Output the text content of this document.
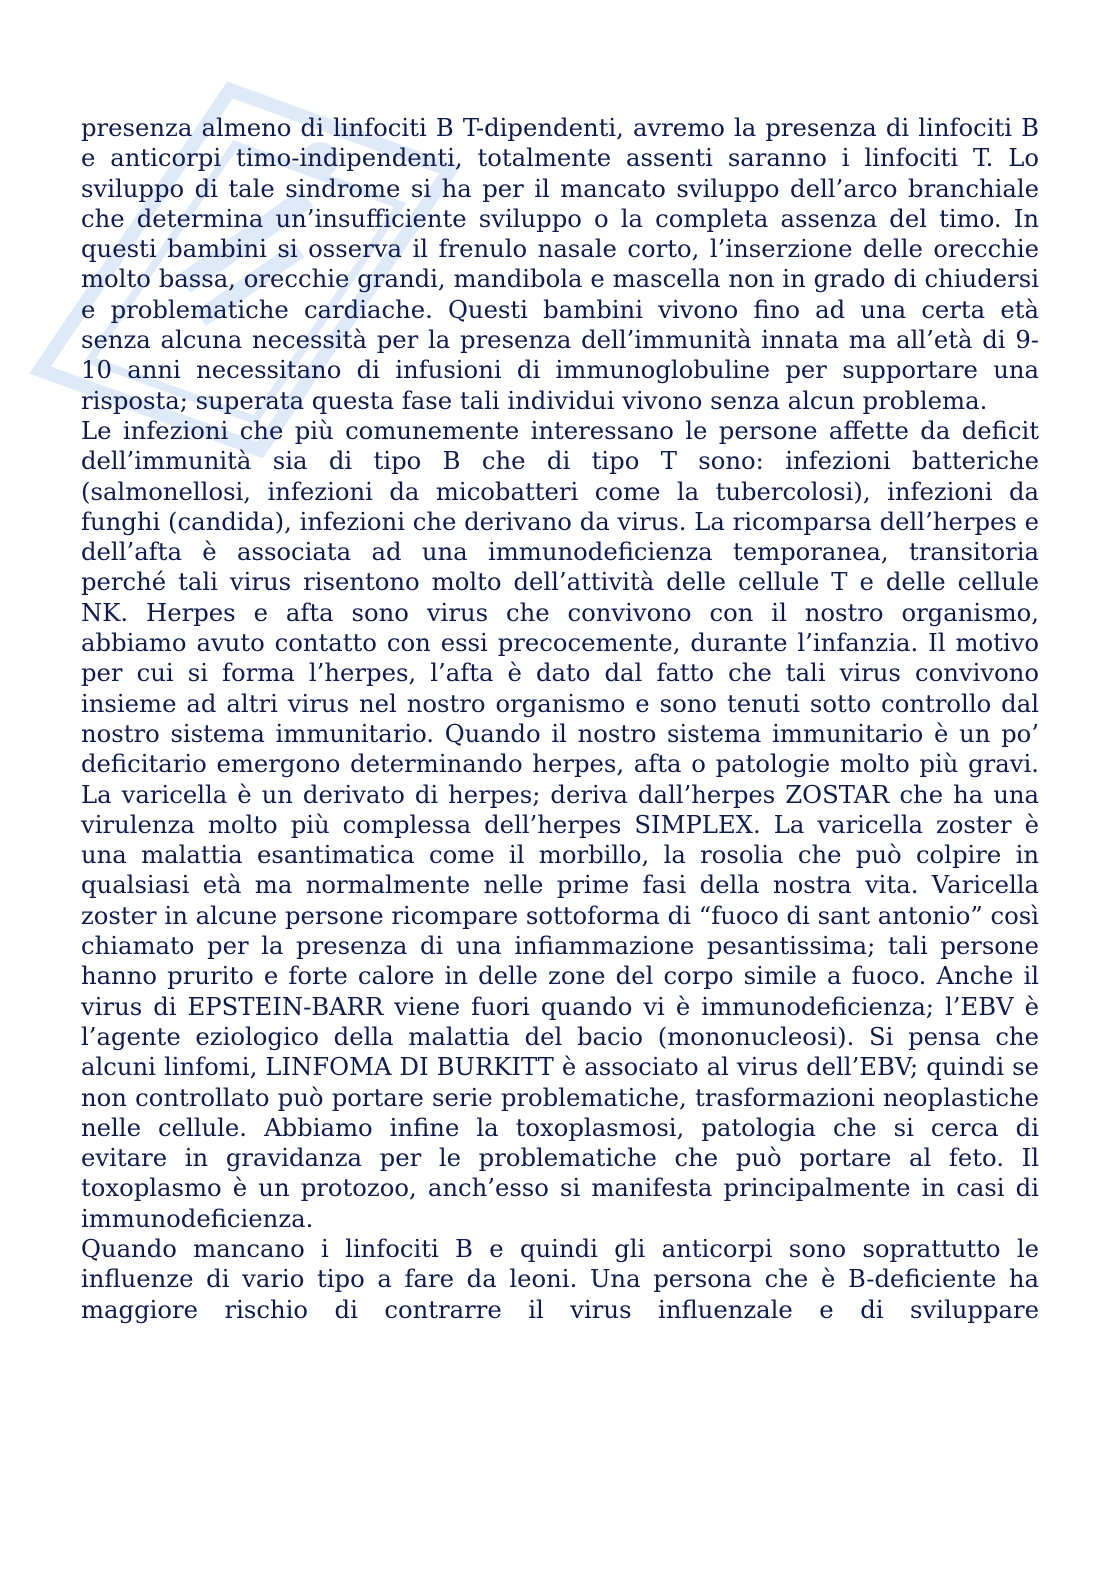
presenza almeno di linfociti B T-dipendenti, avremo la presenza di linfociti B e anticorpi timo-indipendenti, totalmente assenti saranno i linfociti T. Lo sviluppo di tale sindrome si ha per il mancato sviluppo dell’arco branchiale che determina un’insufficiente sviluppo o la completa assenza del timo. In questi bambini si osserva il frenulo nasale corto, l’inserzione delle orecchie molto bassa, orecchie grandi, mandibola e mascella non in grado di chiudersi e problematiche cardiache. Questi bambini vivono fino ad una certa età senza alcuna necessità per la presenza dell’immunità innata ma all’età di 9-10 anni necessitano di infusioni di immunoglobuline per supportare una risposta; superata questa fase tali individui vivono senza alcun problema.

Le infezioni che più comunemente interessano le persone affette da deficit dell’immunità sia di tipo B che di tipo T sono: infezioni batteriche (salmonellosi, infezioni da micobatteri come la tubercolosi), infezioni da funghi (candida), infezioni che derivano da virus. La ricomparsa dell’herpes e dell’afta è associata ad una immunodeficienza temporanea, transitoria perché tali virus risentono molto dell’attività delle cellule T e delle cellule NK. Herpes e afta sono virus che convivono con il nostro organismo, abbiamo avuto contatto con essi precocemente, durante l’infanzia. Il motivo per cui si forma l’herpes, l’afta è dato dal fatto che tali virus convivono insieme ad altri virus nel nostro organismo e sono tenuti sotto controllo dal nostro sistema immunitario. Quando il nostro sistema immunitario è un po’ deficitario emergono determinando herpes, afta o patologie molto più gravi. La varicella è un derivato di herpes; deriva dall’herpes ZOSTAR che ha una virulenza molto più complessa dell’herpes SIMPLEX. La varicella zoster è una malattia esantimatica come il morbillo, la rosolia che può colpire in qualsiasi età ma normalmente nelle prime fasi della nostra vita. Varicella zoster in alcune persone ricompare sottoforma di “fuoco di sant antonio” così chiamato per la presenza di una infiammazione pesantissima; tali persone hanno prurito e forte calore in delle zone del corpo simile a fuoco. Anche il virus di EPSTEIN-BARR viene fuori quando vi è immunodeficienza; l’EBV è l’agente eziologico della malattia del bacio (mononucleosi). Si pensa che alcuni linfomi, LINFOMA DI BURKITT è associato al virus dell’EBV; quindi se non controllato può portare serie problematiche, trasformazioni neoplastiche nelle cellule. Abbiamo infine la toxoplasmosi, patologia che si cerca di evitare in gravidanza per le problematiche che può portare al feto. Il toxoplasmo è un protozoo, anch’esso si manifesta principalmente in casi di immunodeficienza.

Quando mancano i linfociti B e quindi gli anticorpi sono soprattutto le influenze di vario tipo a fare da leoni. Una persona che è B-deficiente ha maggiore rischio di contrarre il virus influenzale e di sviluppare
